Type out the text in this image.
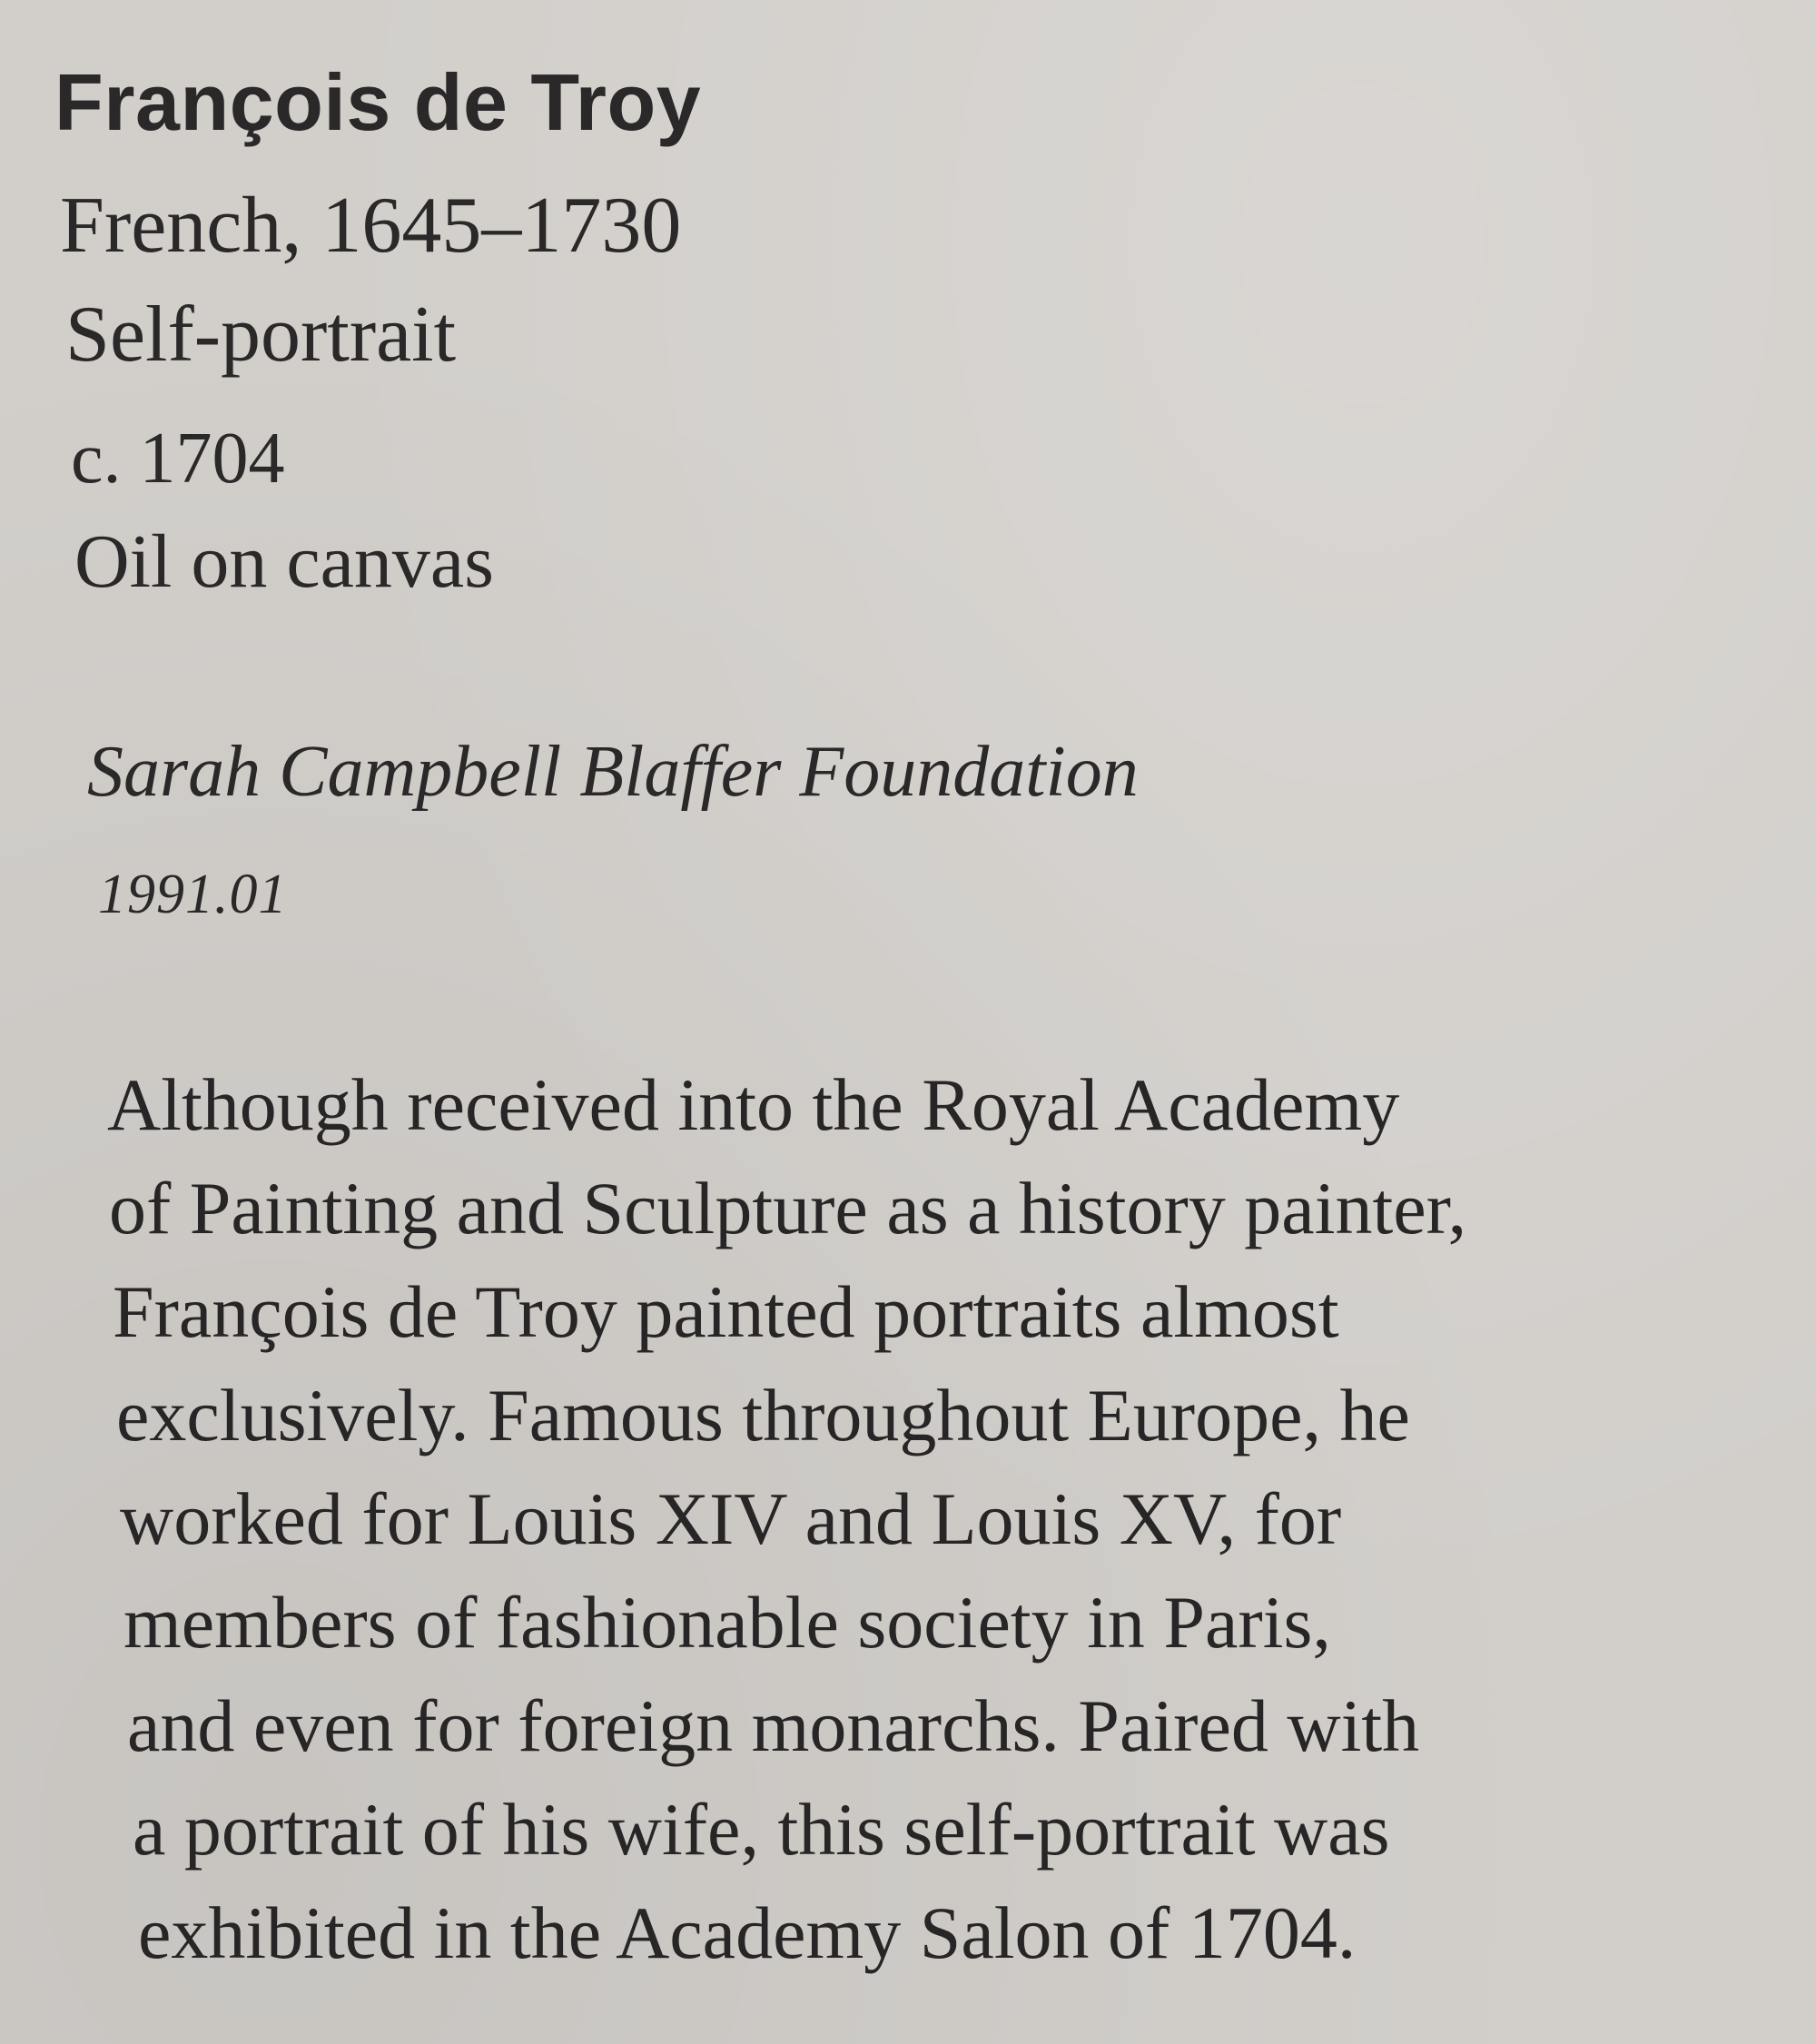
François de Troy
French, 1645–1730
Self-portrait
c. 1704
Oil on canvas
Sarah Campbell Blaffer Foundation
1991.01
Although received into the Royal Academy
of Painting and Sculpture as a history painter,
François de Troy painted portraits almost
exclusively. Famous throughout Europe, he
worked for Louis XIV and Louis XV, for
members of fashionable society in Paris,
and even for foreign monarchs. Paired with
a portrait of his wife, this self-portrait was
exhibited in the Academy Salon of 1704.
